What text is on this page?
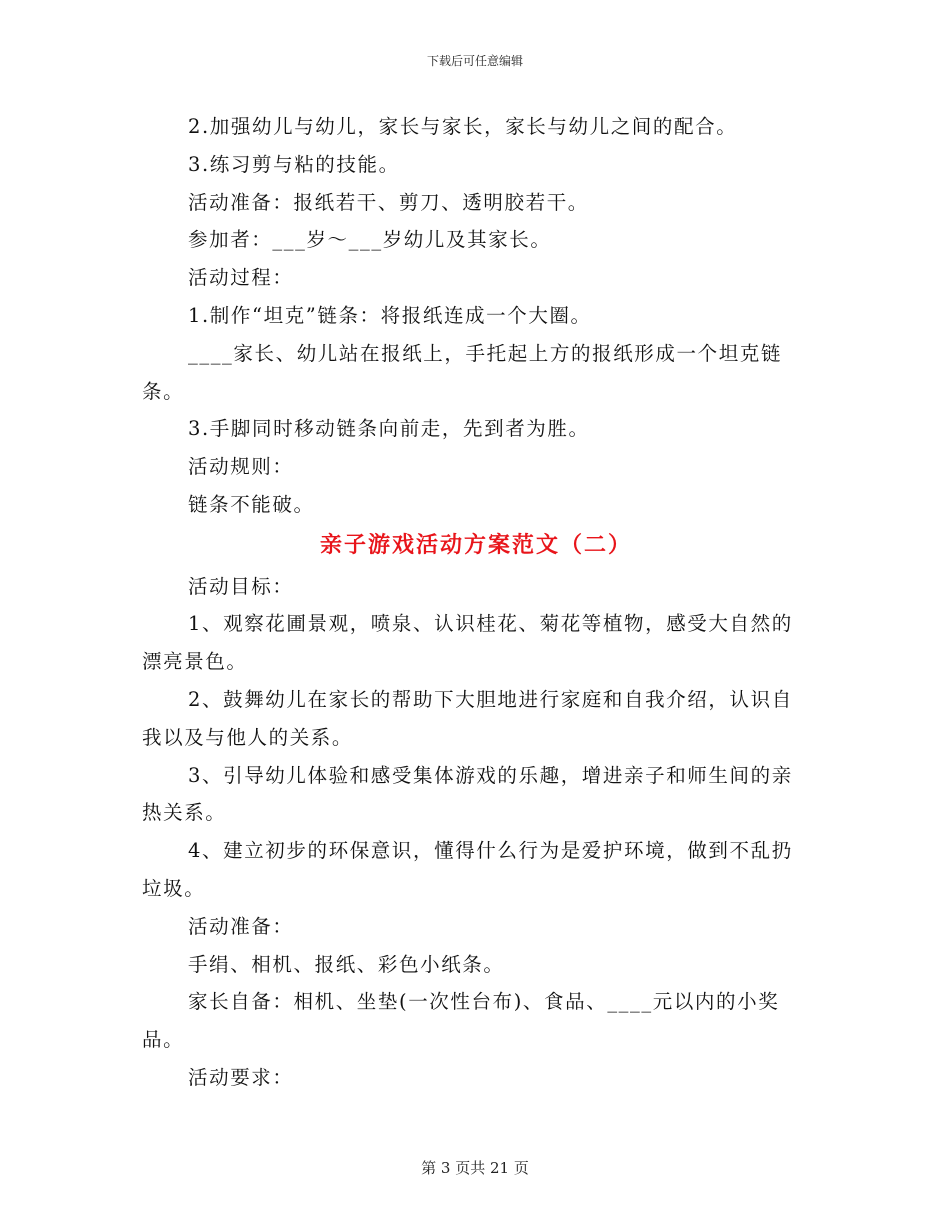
下载后可任意编辑

2.加强幼儿与幼儿，家长与家长，家长与幼儿之间的配合。

3.练习剪与粘的技能。

活动准备：报纸若干、剪刀、透明胶若干。

参加者：___岁～___岁幼儿及其家长。

活动过程：

1.制作“坦克”链条：将报纸连成一个大圈。

____家长、幼儿站在报纸上，手托起上方的报纸形成一个坦克链条。

3.手脚同时移动链条向前走，先到者为胜。

活动规则：

链条不能破。

亲子游戏活动方案范文（二）

活动目标：

1、观察花圃景观，喷泉、认识桂花、菊花等植物，感受大自然的漂亮景色。

2、鼓舞幼儿在家长的帮助下大胆地进行家庭和自我介绍，认识自我以及与他人的关系。

3、引导幼儿体验和感受集体游戏的乐趣，增进亲子和师生间的亲热关系。

4、建立初步的环保意识，懂得什么行为是爱护环境，做到不乱扔垃圾。

活动准备：

手绢、相机、报纸、彩色小纸条。

家长自备：相机、坐垫(一次性台布)、食品、____元以内的小奖品。

活动要求：

第 3 页共 21 页
